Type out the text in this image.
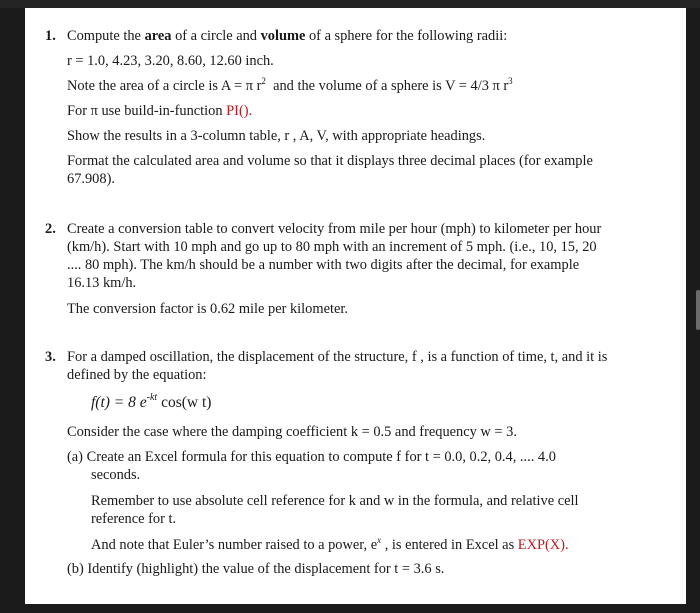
1. Compute the area of a circle and volume of a sphere for the following radii:
r = 1.0, 4.23, 3.20, 8.60, 12.60 inch.
Note the area of a circle is A = π $r^2$ and the volume of a sphere is V = 4/3 π $r^3$
For π use build-in-function PI().
Show the results in a 3-column table, r , A, V, with appropriate headings.
Format the calculated area and volume so that it displays three decimal places (for example
67.908).
2. Create a conversion table to convert velocity from mile per hour (mph) to kilometer per hour
(km/h). Start with 10 mph and go up to 80 mph with an increment of 5 mph. (i.e., 10, 15, 20
.... 80 mph). The km/h should be a number with two digits after the decimal, for example
16.13 km/h.
The conversion factor is 0.62 mile per kilometer.
3. For a damped oscillation, the displacement of the structure, f , is a function of time, t, and it is
defined by the equation:
f(t) = 8 $e^{-kt}$ cos(w t)
Consider the case where the damping coefficient k = 0.5 and frequency w = 3.
(a) Create an Excel formula for this equation to compute f for t = 0.0, 0.2, 0.4, .... 4.0
seconds.
Remember to use absolute cell reference for k and w in the formula, and relative cell
reference for t.
And note that Euler’s number raised to a power, $e^x$ , is entered in Excel as EXP(X).
(b) Identify (highlight) the value of the displacement for t = 3.6 s.
